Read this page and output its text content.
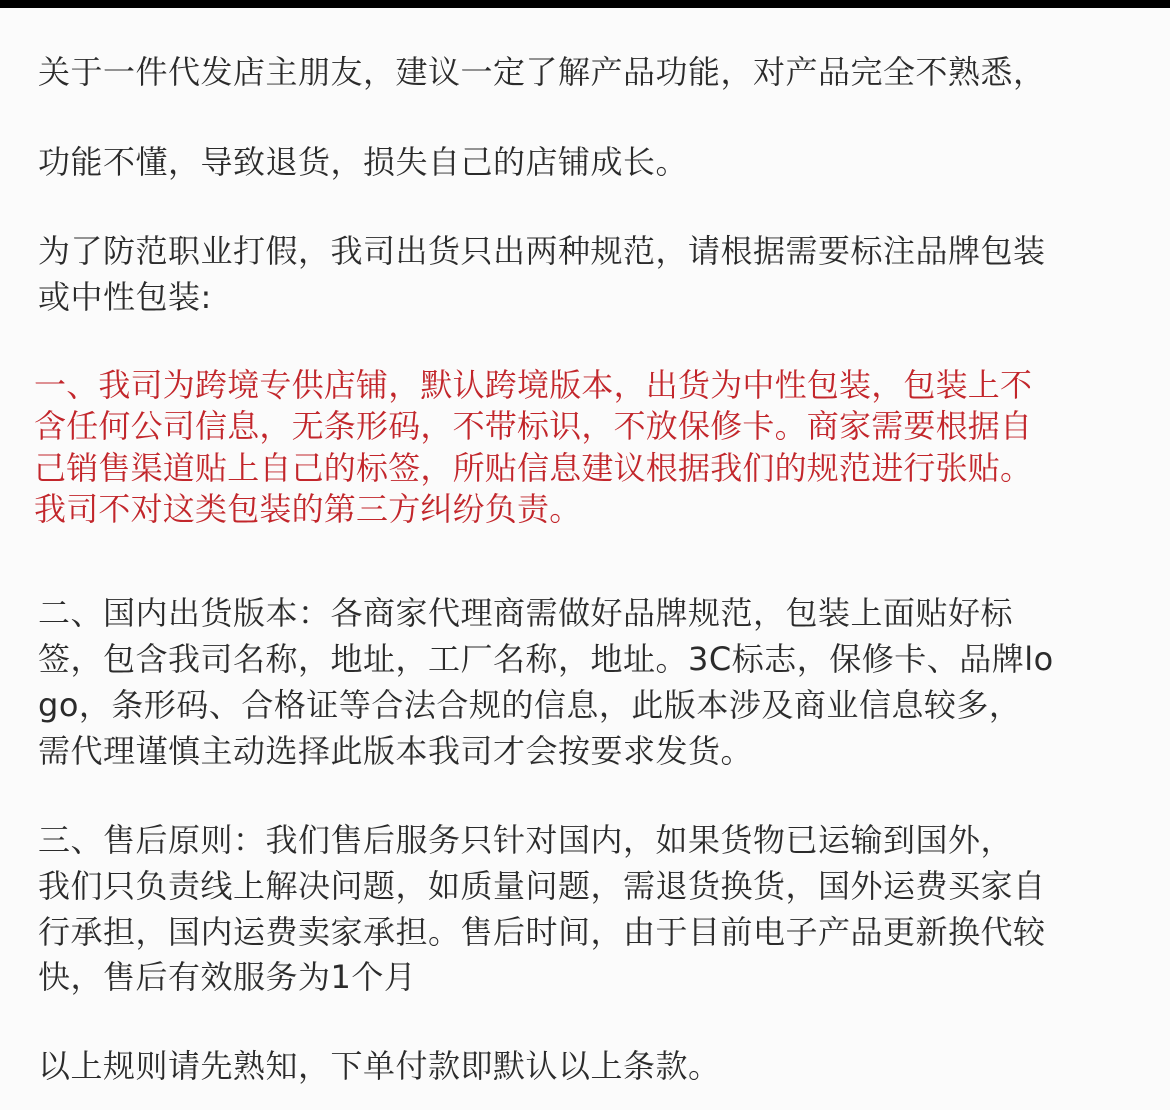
关于一件代发店主朋友，建议一定了解产品功能，对产品完全不熟悉，
功能不懂，导致退货，损失自己的店铺成长。
为了防范职业打假，我司出货只出两种规范，请根据需要标注品牌包装
或中性包装:
一、我司为跨境专供店铺，默认跨境版本，出货为中性包装，包装上不
含任何公司信息，无条形码，不带标识，不放保修卡。商家需要根据自
己销售渠道贴上自己的标签，所贴信息建议根据我们的规范进行张贴。
我司不对这类包装的第三方纠纷负责。
二、国内出货版本：各商家代理商需做好品牌规范，包装上面贴好标
签，包含我司名称，地址，工厂名称，地址。3C标志，保修卡、品牌lo
go，条形码、合格证等合法合规的信息，此版本涉及商业信息较多，
需代理谨慎主动选择此版本我司才会按要求发货。
三、售后原则：我们售后服务只针对国内，如果货物已运输到国外，
我们只负责线上解决问题，如质量问题，需退货换货，国外运费买家自
行承担，国内运费卖家承担。售后时间，由于目前电子产品更新换代较
快，售后有效服务为1个月
以上规则请先熟知，下单付款即默认以上条款。
